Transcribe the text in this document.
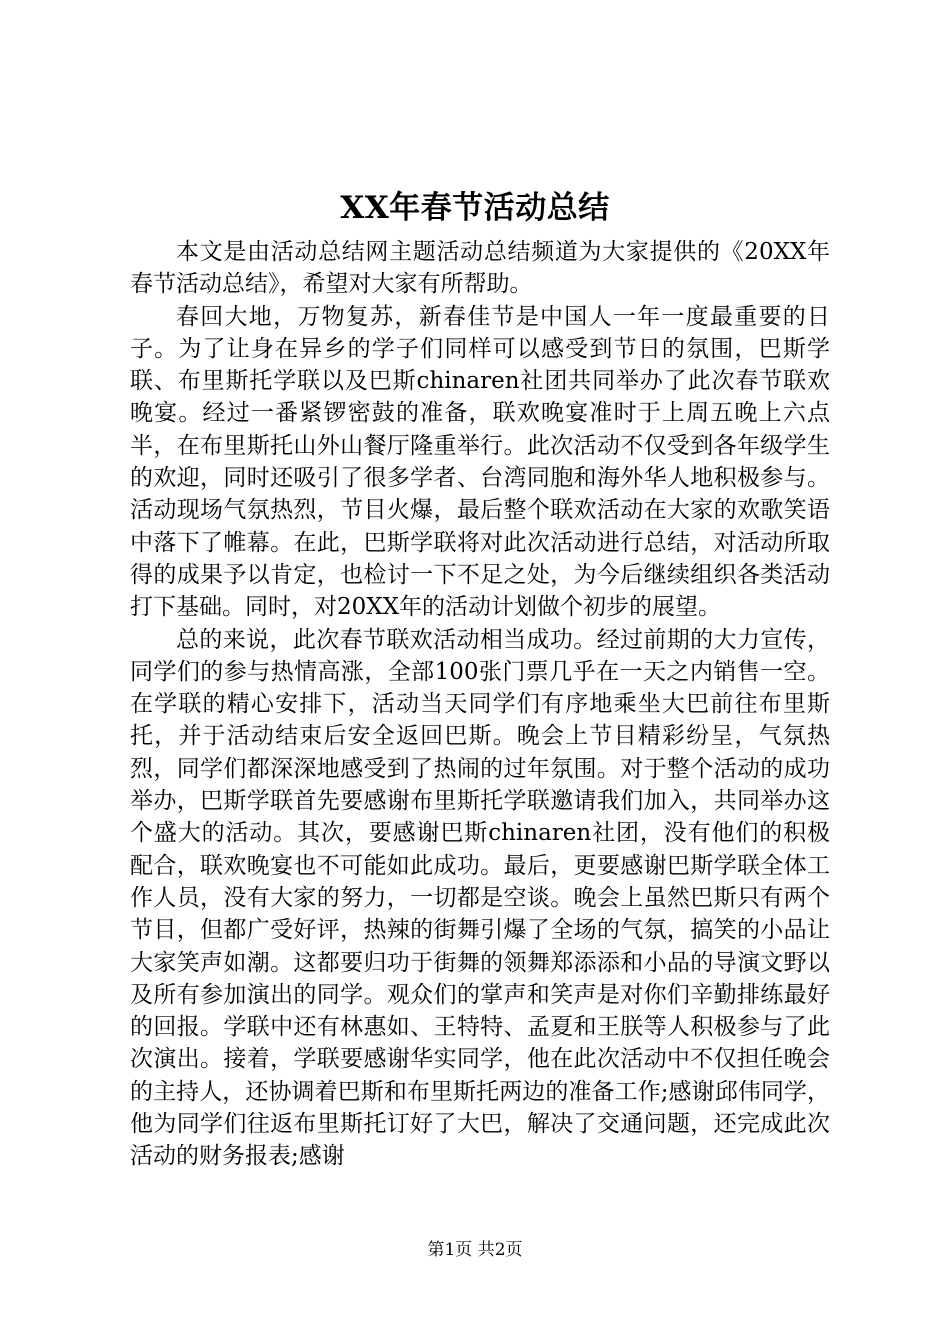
XX年春节活动总结

本文是由活动总结网主题活动总结频道为大家提供的《20XX年春节活动总结》，希望对大家有所帮助。

春回大地，万物复苏，新春佳节是中国人一年一度最重要的日子。为了让身在异乡的学子们同样可以感受到节日的氛围，巴斯学联、布里斯托学联以及巴斯chinaren社团共同举办了此次春节联欢晚宴。经过一番紧锣密鼓的准备，联欢晚宴准时于上周五晚上六点半，在布里斯托山外山餐厅隆重举行。此次活动不仅受到各年级学生的欢迎，同时还吸引了很多学者、台湾同胞和海外华人地积极参与。活动现场气氛热烈，节目火爆，最后整个联欢活动在大家的欢歌笑语中落下了帷幕。在此，巴斯学联将对此次活动进行总结，对活动所取得的成果予以肯定，也检讨一下不足之处，为今后继续组织各类活动打下基础。同时，对20XX年的活动计划做个初步的展望。

总的来说，此次春节联欢活动相当成功。经过前期的大力宣传，同学们的参与热情高涨，全部100张门票几乎在一天之内销售一空。在学联的精心安排下，活动当天同学们有序地乘坐大巴前往布里斯托，并于活动结束后安全返回巴斯。晚会上节目精彩纷呈，气氛热烈，同学们都深深地感受到了热闹的过年氛围。对于整个活动的成功举办，巴斯学联首先要感谢布里斯托学联邀请我们加入，共同举办这个盛大的活动。其次，要感谢巴斯chinaren社团，没有他们的积极配合，联欢晚宴也不可能如此成功。最后，更要感谢巴斯学联全体工作人员，没有大家的努力，一切都是空谈。晚会上虽然巴斯只有两个节目，但都广受好评，热辣的街舞引爆了全场的气氛，搞笑的小品让大家笑声如潮。这都要归功于街舞的领舞郑添添和小品的导演文野以及所有参加演出的同学。观众们的掌声和笑声是对你们辛勤排练最好的回报。学联中还有林惠如、王特特、孟夏和王朕等人积极参与了此次演出。接着，学联要感谢华实同学，他在此次活动中不仅担任晚会的主持人，还协调着巴斯和布里斯托两边的准备工作;感谢邱伟同学，他为同学们往返布里斯托订好了大巴，解决了交通问题，还完成此次活动的财务报表;感谢

第1页 共2页
